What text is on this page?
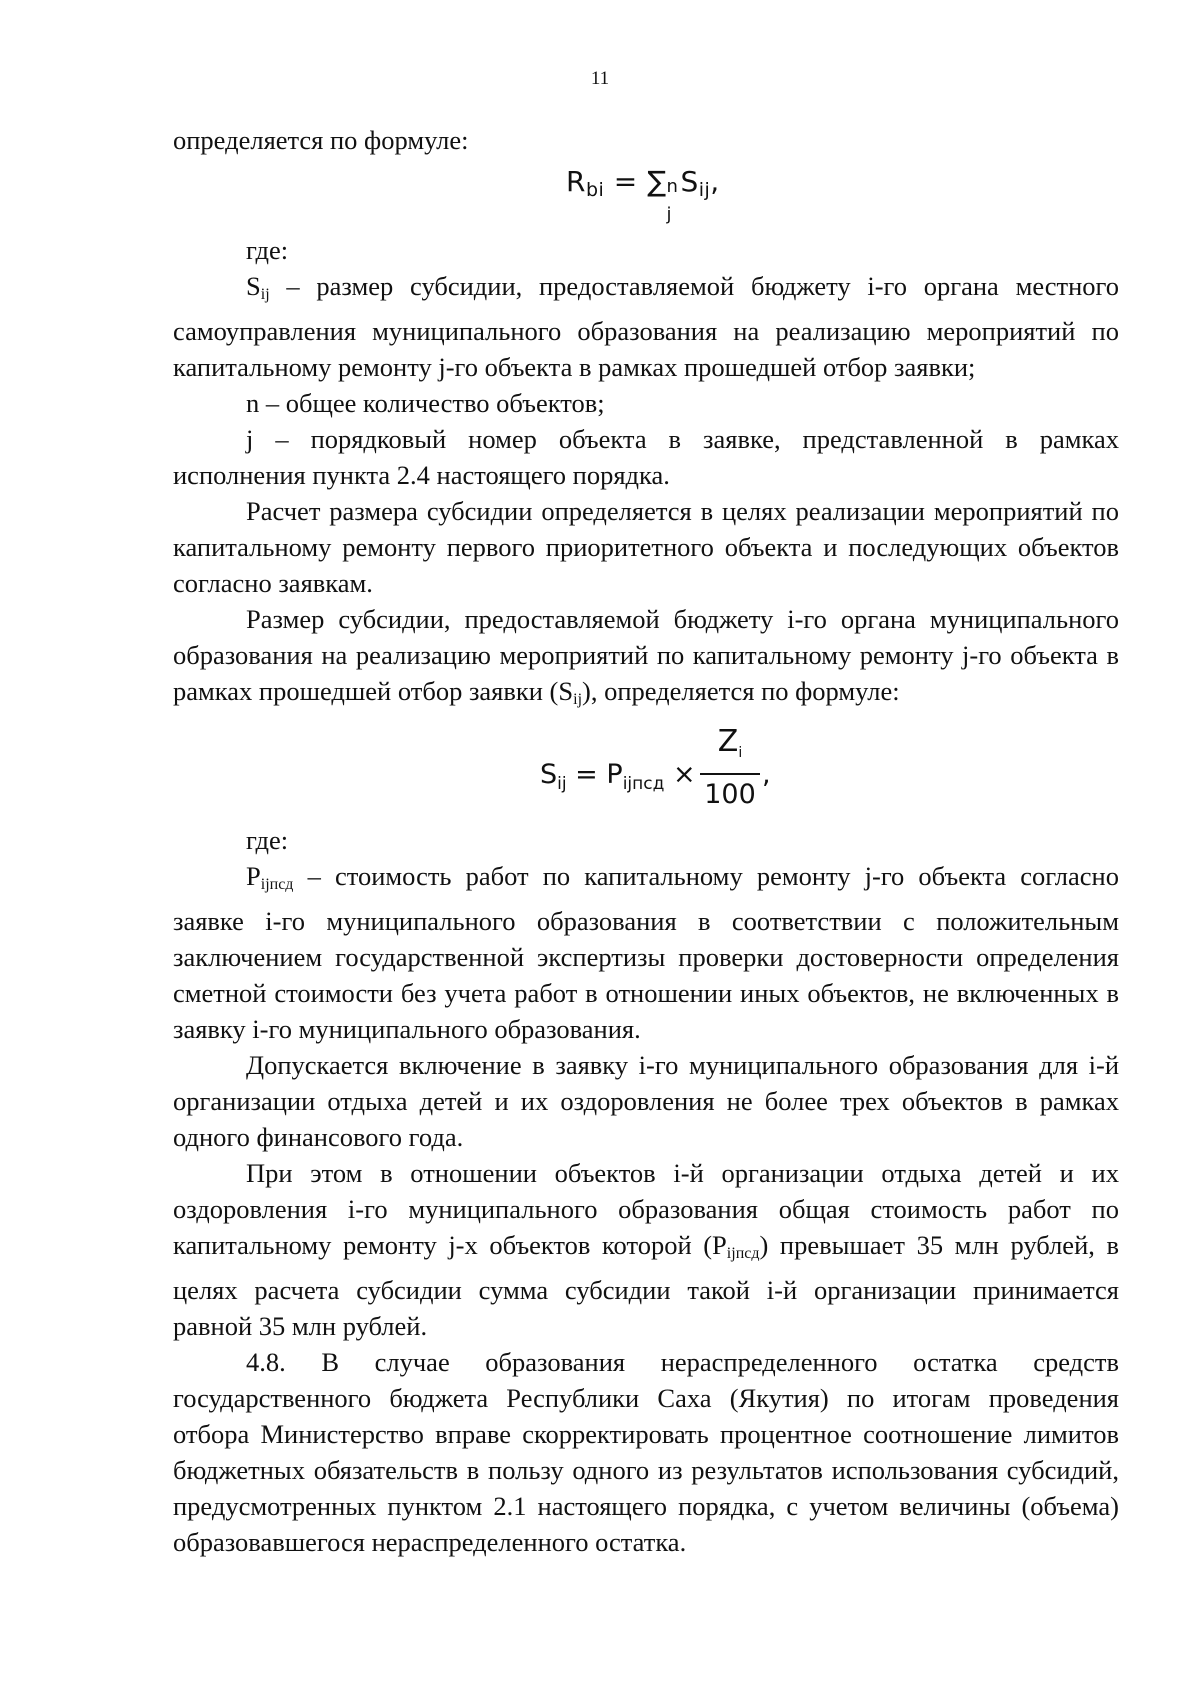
11

определяется по формуле:

$R_{bi}$ = ∑ n
j
$S_{ij}$,

где:

Sij – размер субсидии, предоставляемой бюджету i-го органа местного самоуправления муниципального образования на реализацию мероприятий по капитальному ремонту j-го объекта в рамках прошедшей отбор заявки;

n – общее количество объектов;

j – порядковый номер объекта в заявке, представленной в рамках исполнения пункта 2.4 настоящего порядка.

Расчет размера субсидии определяется в целях реализации мероприятий по капитальному ремонту первого приоритетного объекта и последующих объектов согласно заявкам.

Размер субсидии, предоставляемой бюджету i-го органа муниципального образования на реализацию мероприятий по капитальному ремонту j-го объекта в рамках прошедшей отбор заявки (Sij), определяется по формуле:

$S_{ij} = P_{ijпсд} \times \frac{Z_i}{100}$ ,

где:

Pijпсд – стоимость работ по капитальному ремонту j-го объекта согласно заявке i-го муниципального образования в соответствии с положительным заключением государственной экспертизы проверки достоверности определения сметной стоимости без учета работ в отношении иных объектов, не включенных в заявку i-го муниципального образования.

Допускается включение в заявку i-го муниципального образования для i-й организации отдыха детей и их оздоровления не более трех объектов в рамках одного финансового года.

При этом в отношении объектов i-й организации отдыха детей и их оздоровления i-го муниципального образования общая стоимость работ по капитальному ремонту j-х объектов которой (Pijпсд) превышает 35 млн рублей, в целях расчета субсидии сумма субсидии такой i-й организации принимается равной 35 млн рублей.

4.8. В случае образования нераспределенного остатка средств государственного бюджета Республики Саха (Якутия) по итогам проведения отбора Министерство вправе скорректировать процентное соотношение лимитов бюджетных обязательств в пользу одного из результатов использования субсидий, предусмотренных пунктом 2.1 настоящего порядка, с учетом величины (объема) образовавшегося нераспределенного остатка.
